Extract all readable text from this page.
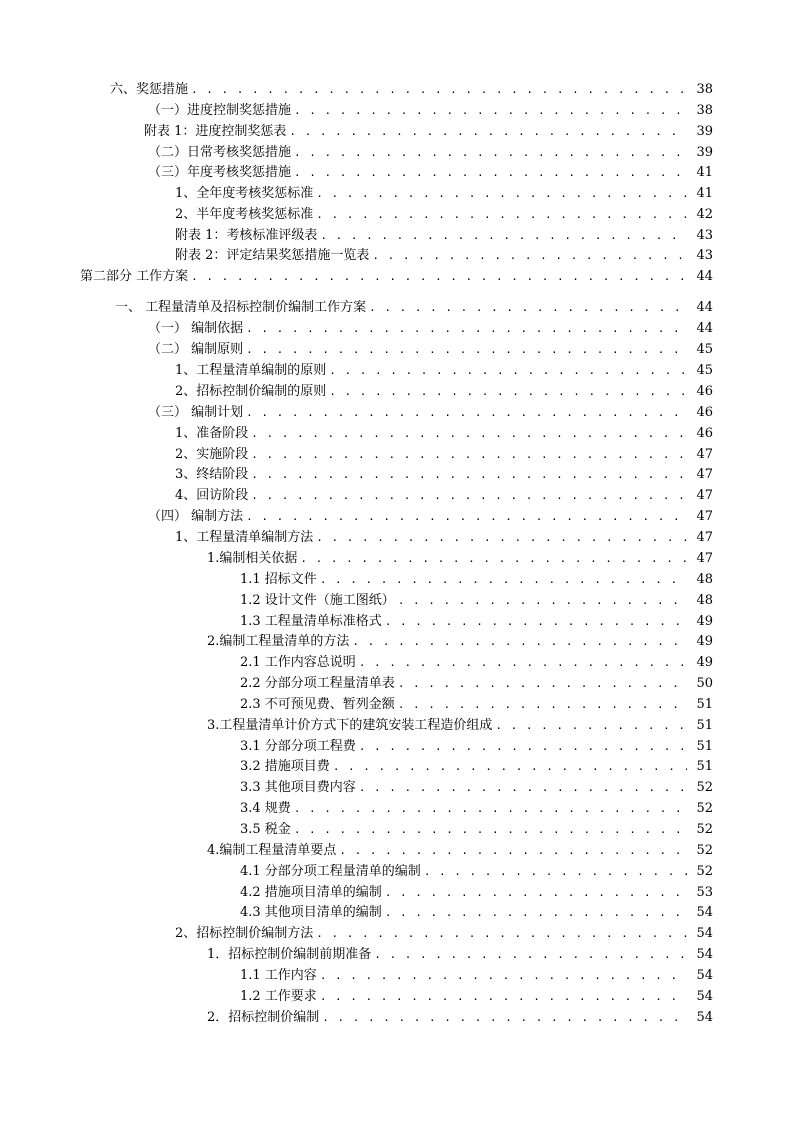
六、奖惩措施 . . .	38
（一）进度控制奖惩措施 . . .	38
附表 1：进度控制奖惩表 . . .	39
（二）日常考核奖惩措施 . . .	39
（三）年度考核奖惩措施 . . .	41
1、全年度考核奖惩标准 . . .	41
2、半年度考核奖惩标准 . . .	42
附表 1：考核标准评级表 . . .	43
附表 2：评定结果奖惩措施一览表 . . .	43
第二部分 工作方案 . . .	44
一、 工程量清单及招标控制价编制工作方案 . . .	44
（一） 编制依据 . . .	44
（二） 编制原则 . . .	45
1、工程量清单编制的原则 . . .	45
2、招标控制价编制的原则 . . .	46
（三） 编制计划 . . .	46
1、准备阶段 . . .	46
2、实施阶段 . . .	47
3、终结阶段 . . .	47
4、回访阶段 . . .	47
（四） 编制方法 . . .	47
1、工程量清单编制方法 . . .	47
1.编制相关依据 . . .	47
1.1 招标文件 . . .	48
1.2 设计文件（施工图纸） . . .	48
1.3 工程量清单标准格式 . . .	49
2.编制工程量清单的方法 . . .	49
2.1 工作内容总说明 . . .	49
2.2 分部分项工程量清单表 . . .	50
2.3 不可预见费、暂列金额 . . .	51
3.工程量清单计价方式下的建筑安装工程造价组成 . . .	51
3.1 分部分项工程费 . . .	51
3.2 措施项目费 . . .	51
3.3 其他项目费内容 . . .	52
3.4 规费 . . .	52
3.5 税金 . . .	52
4.编制工程量清单要点 . . .	52
4.1 分部分项工程量清单的编制 . . .	52
4.2 措施项目清单的编制 . . .	53
4.3 其他项目清单的编制 . . .	54
2、招标控制价编制方法 . . .	54
1．招标控制价编制前期准备 . . .	54
1.1 工作内容 . . .	54
1.2 工作要求 . . .	54
2．招标控制价编制 . . .	54
